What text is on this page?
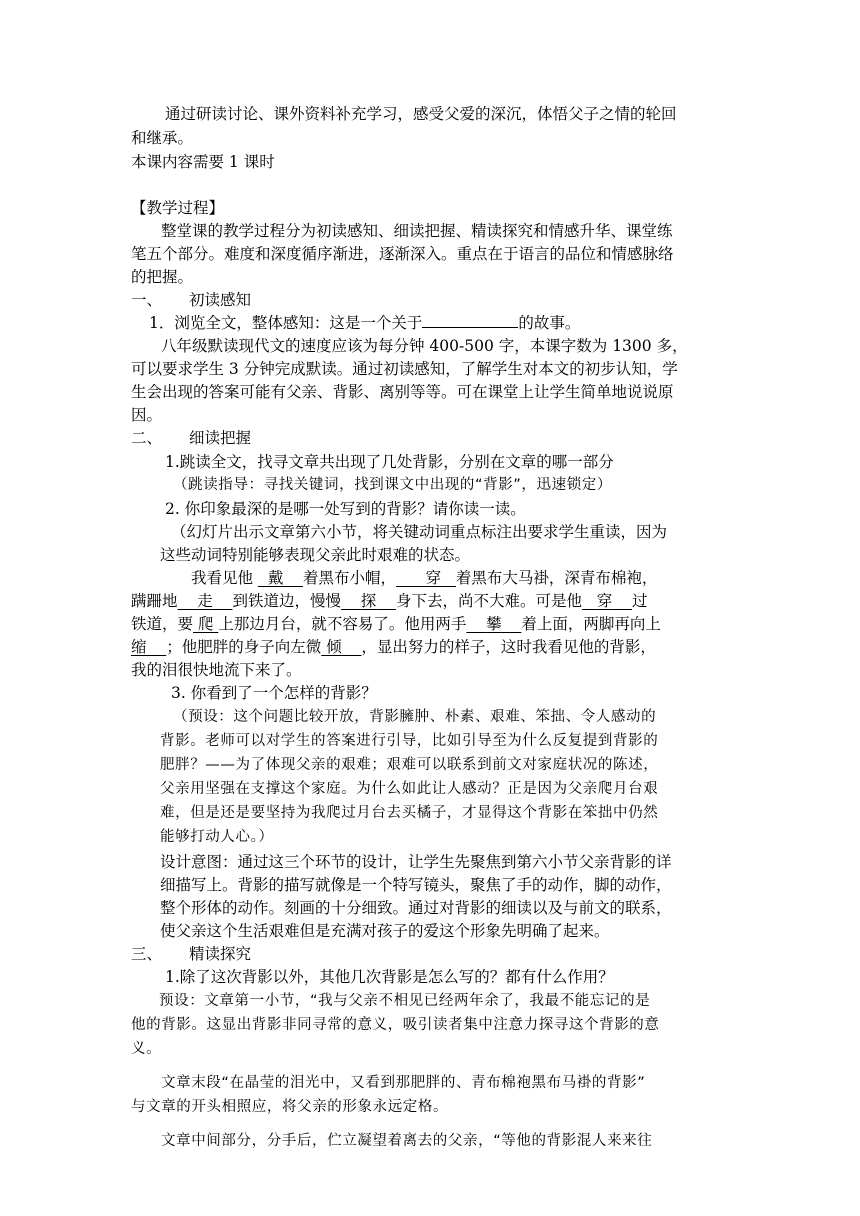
通过研读讨论、课外资料补充学习，感受父爱的深沉，体悟父子之情的轮回
和继承。
本课内容需要 1 课时
【教学过程】
整堂课的教学过程分为初读感知、细读把握、精读探究和情感升华、课堂练
笔五个部分。难度和深度循序渐进，逐渐深入。重点在于语言的品位和情感脉络
的把握。
一、 初读感知
1．浏览全文，整体感知：这是一个关于	的故事。
八年级默读现代文的速度应该为每分钟 400-500 字，本课字数为 1300 多，
可以要求学生 3 分钟完成默读。通过初读感知，了解学生对本文的初步认知，学
生会出现的答案可能有父亲、背影、离别等等。可在课堂上让学生简单地说说原
因。
二、 细读把握
1.跳读全文，找寻文章共出现了几处背影，分别在文章的哪一部分
（跳读指导：寻找关键词，找到课文中出现的“背影”，迅速锁定）
2. 你印象最深的是哪一处写到的背影？请你读一读。
（幻灯片出示文章第六小节，将关键动词重点标注出要求学生重读，因为
这些动词特别能够表现父亲此时艰难的状态。
我看见他 戴 着黑布小帽， 穿 着黑布大马褂，深青布棉袍，
蹒跚地 走 到铁道边，慢慢 探 身下去，尚不大难。可是他 穿 过
铁道，要 爬 上那边月台，就不容易了。他用两手 攀 着上面，两脚再向上
缩 ；他肥胖的身子向左微 倾 ，显出努力的样子，这时我看见他的背影，
我的泪很快地流下来了。
3. 你看到了一个怎样的背影？
（预设：这个问题比较开放，背影臃肿、朴素、艰难、笨拙、令人感动的
背影。老师可以对学生的答案进行引导，比如引导至为什么反复提到背影的
肥胖？——为了体现父亲的艰难；艰难可以联系到前文对家庭状况的陈述，
父亲用坚强在支撑这个家庭。为什么如此让人感动？正是因为父亲爬月台艰
难，但是还是要坚持为我爬过月台去买橘子，才显得这个背影在笨拙中仍然
能够打动人心。）
设计意图：通过这三个环节的设计，让学生先聚焦到第六小节父亲背影的详
细描写上。背影的描写就像是一个特写镜头，聚焦了手的动作，脚的动作，
整个形体的动作。刻画的十分细致。通过对背影的细读以及与前文的联系，
使父亲这个生活艰难但是充满对孩子的爱这个形象先明确了起来。
三、 精读探究
1.除了这次背影以外，其他几次背影是怎么写的？都有什么作用？
预设：文章第一小节，“我与父亲不相见已经两年余了，我最不能忘记的是
他的背影。这显出背影非同寻常的意义，吸引读者集中注意力探寻这个背影的意
义。
文章末段“在晶莹的泪光中，又看到那肥胖的、青布棉袍黑布马褂的背影”
与文章的开头相照应，将父亲的形象永远定格。
文章中间部分，分手后，伫立凝望着离去的父亲，“等他的背影混人来来往
